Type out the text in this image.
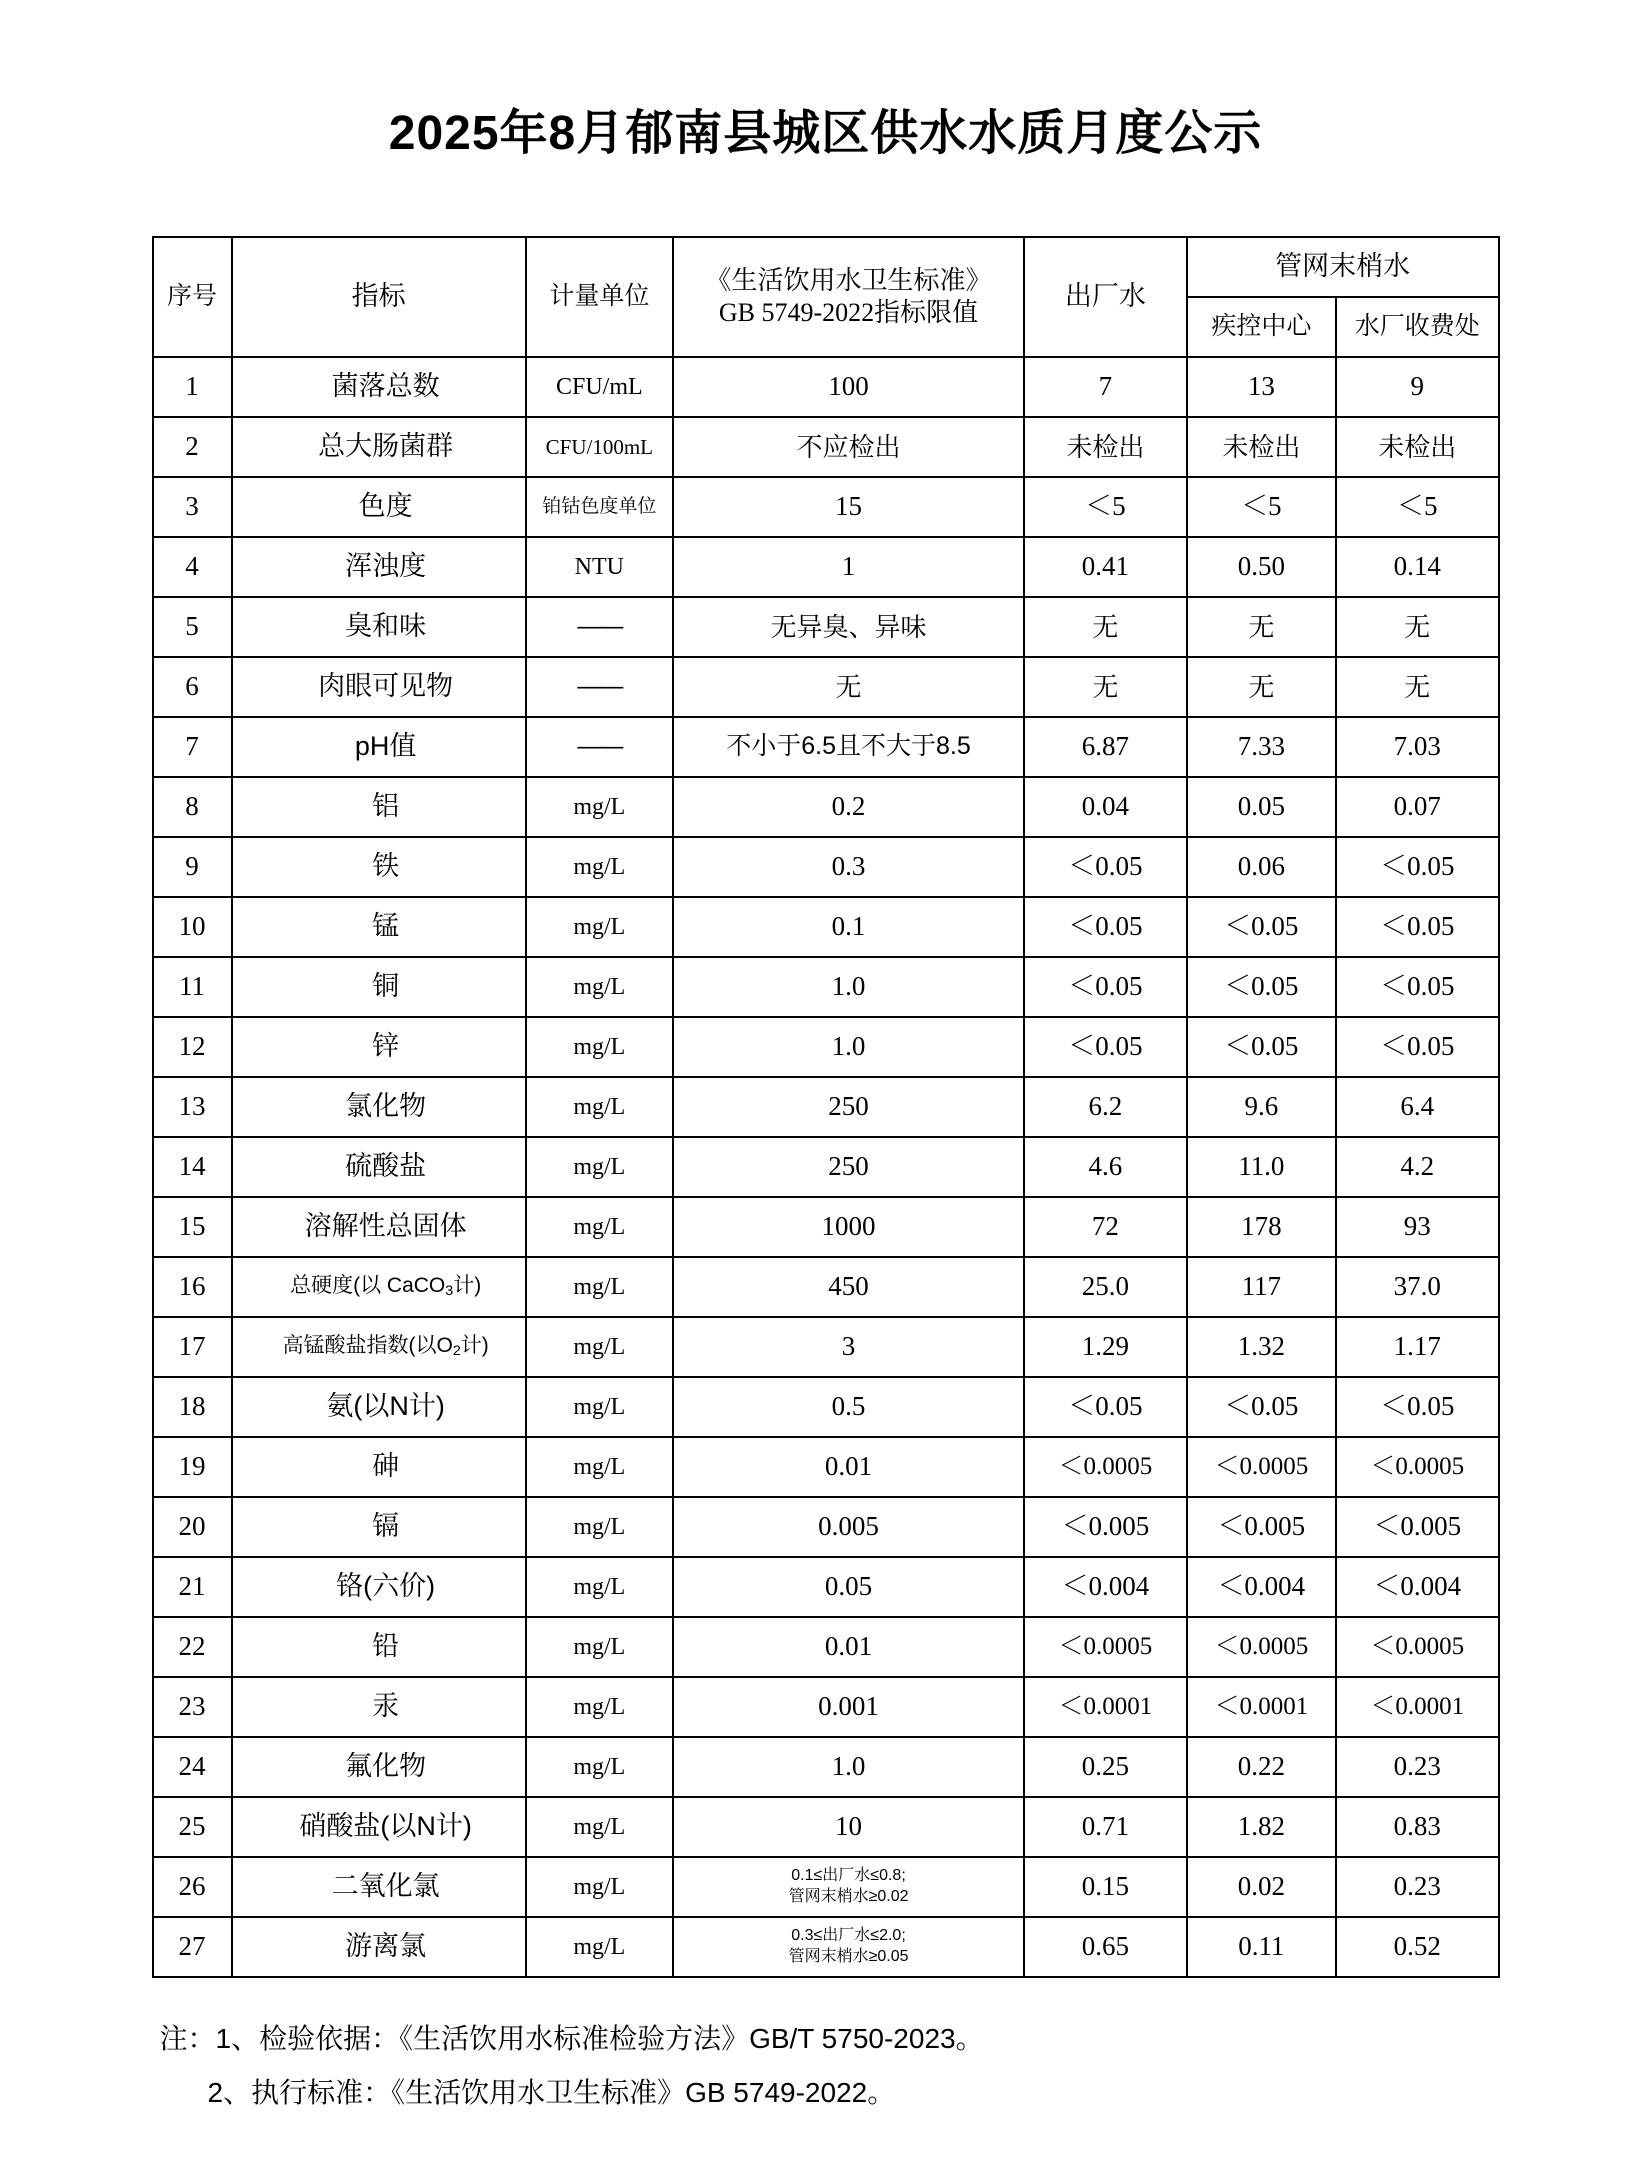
2025年8月郁南县城区供水水质月度公示
序号	指标	计量单位	《生活饮用水卫生标准》
GB 5749-2022指标限值	出厂水	管网末梢水	
					疾控中心	水厂收费处
1	菌落总数	CFU/mL	100	7	13	9
2	总大肠菌群	CFU/100mL	不应检出	未检出	未检出	未检出
3	色度	铂钴色度单位	15	＜5	＜5	＜5
4	浑浊度	NTU	1	0.41	0.50	0.14
5	臭和味	——	无异臭、异味	无	无	无
6	肉眼可见物	——	无	无	无	无
7	pH值	——	不小于6.5且不大于8.5	6.87	7.33	7.03
8	铝	mg/L	0.2	0.04	0.05	0.07
9	铁	mg/L	0.3	＜0.05	0.06	＜0.05
10	锰	mg/L	0.1	＜0.05	＜0.05	＜0.05
11	铜	mg/L	1.0	＜0.05	＜0.05	＜0.05
12	锌	mg/L	1.0	＜0.05	＜0.05	＜0.05
13	氯化物	mg/L	250	6.2	9.6	6.4
14	硫酸盐	mg/L	250	4.6	11.0	4.2
15	溶解性总固体	mg/L	1000	72	178	93
16	总硬度(以 CaCO$_3$计)	mg/L	450	25.0	117	37.0
17	高锰酸盐指数(以$O_2$计)	mg/L	3	1.29	1.32	1.17
18	氨(以N计)	mg/L	0.5	＜0.05	＜0.05	＜0.05
19	砷	mg/L	0.01	＜0.0005	＜0.0005	＜0.0005
20	镉	mg/L	0.005	＜0.005	＜0.005	＜0.005
21	铬(六价)	mg/L	0.05	＜0.004	＜0.004	＜0.004
22	铅	mg/L	0.01	＜0.0005	＜0.0005	＜0.0005
23	汞	mg/L	0.001	＜0.0001	＜0.0001	＜0.0001
24	氟化物	mg/L	1.0	0.25	0.22	0.23
25	硝酸盐(以N计)	mg/L	10	0.71	1.82	0.83
26	二氧化氯	mg/L	0.1≤出厂水≤0.8;
管网末梢水≥0.02	0.15	0.02	0.23
27	游离氯	mg/L	0.3≤出厂水≤2.0;
管网末梢水≥0.05	0.65	0.11	0.52
注：1、检验依据：《生活饮用水标准检验方法》GB/T 5750-2023。
2、执行标准：《生活饮用水卫生标准》GB 5749-2022。
